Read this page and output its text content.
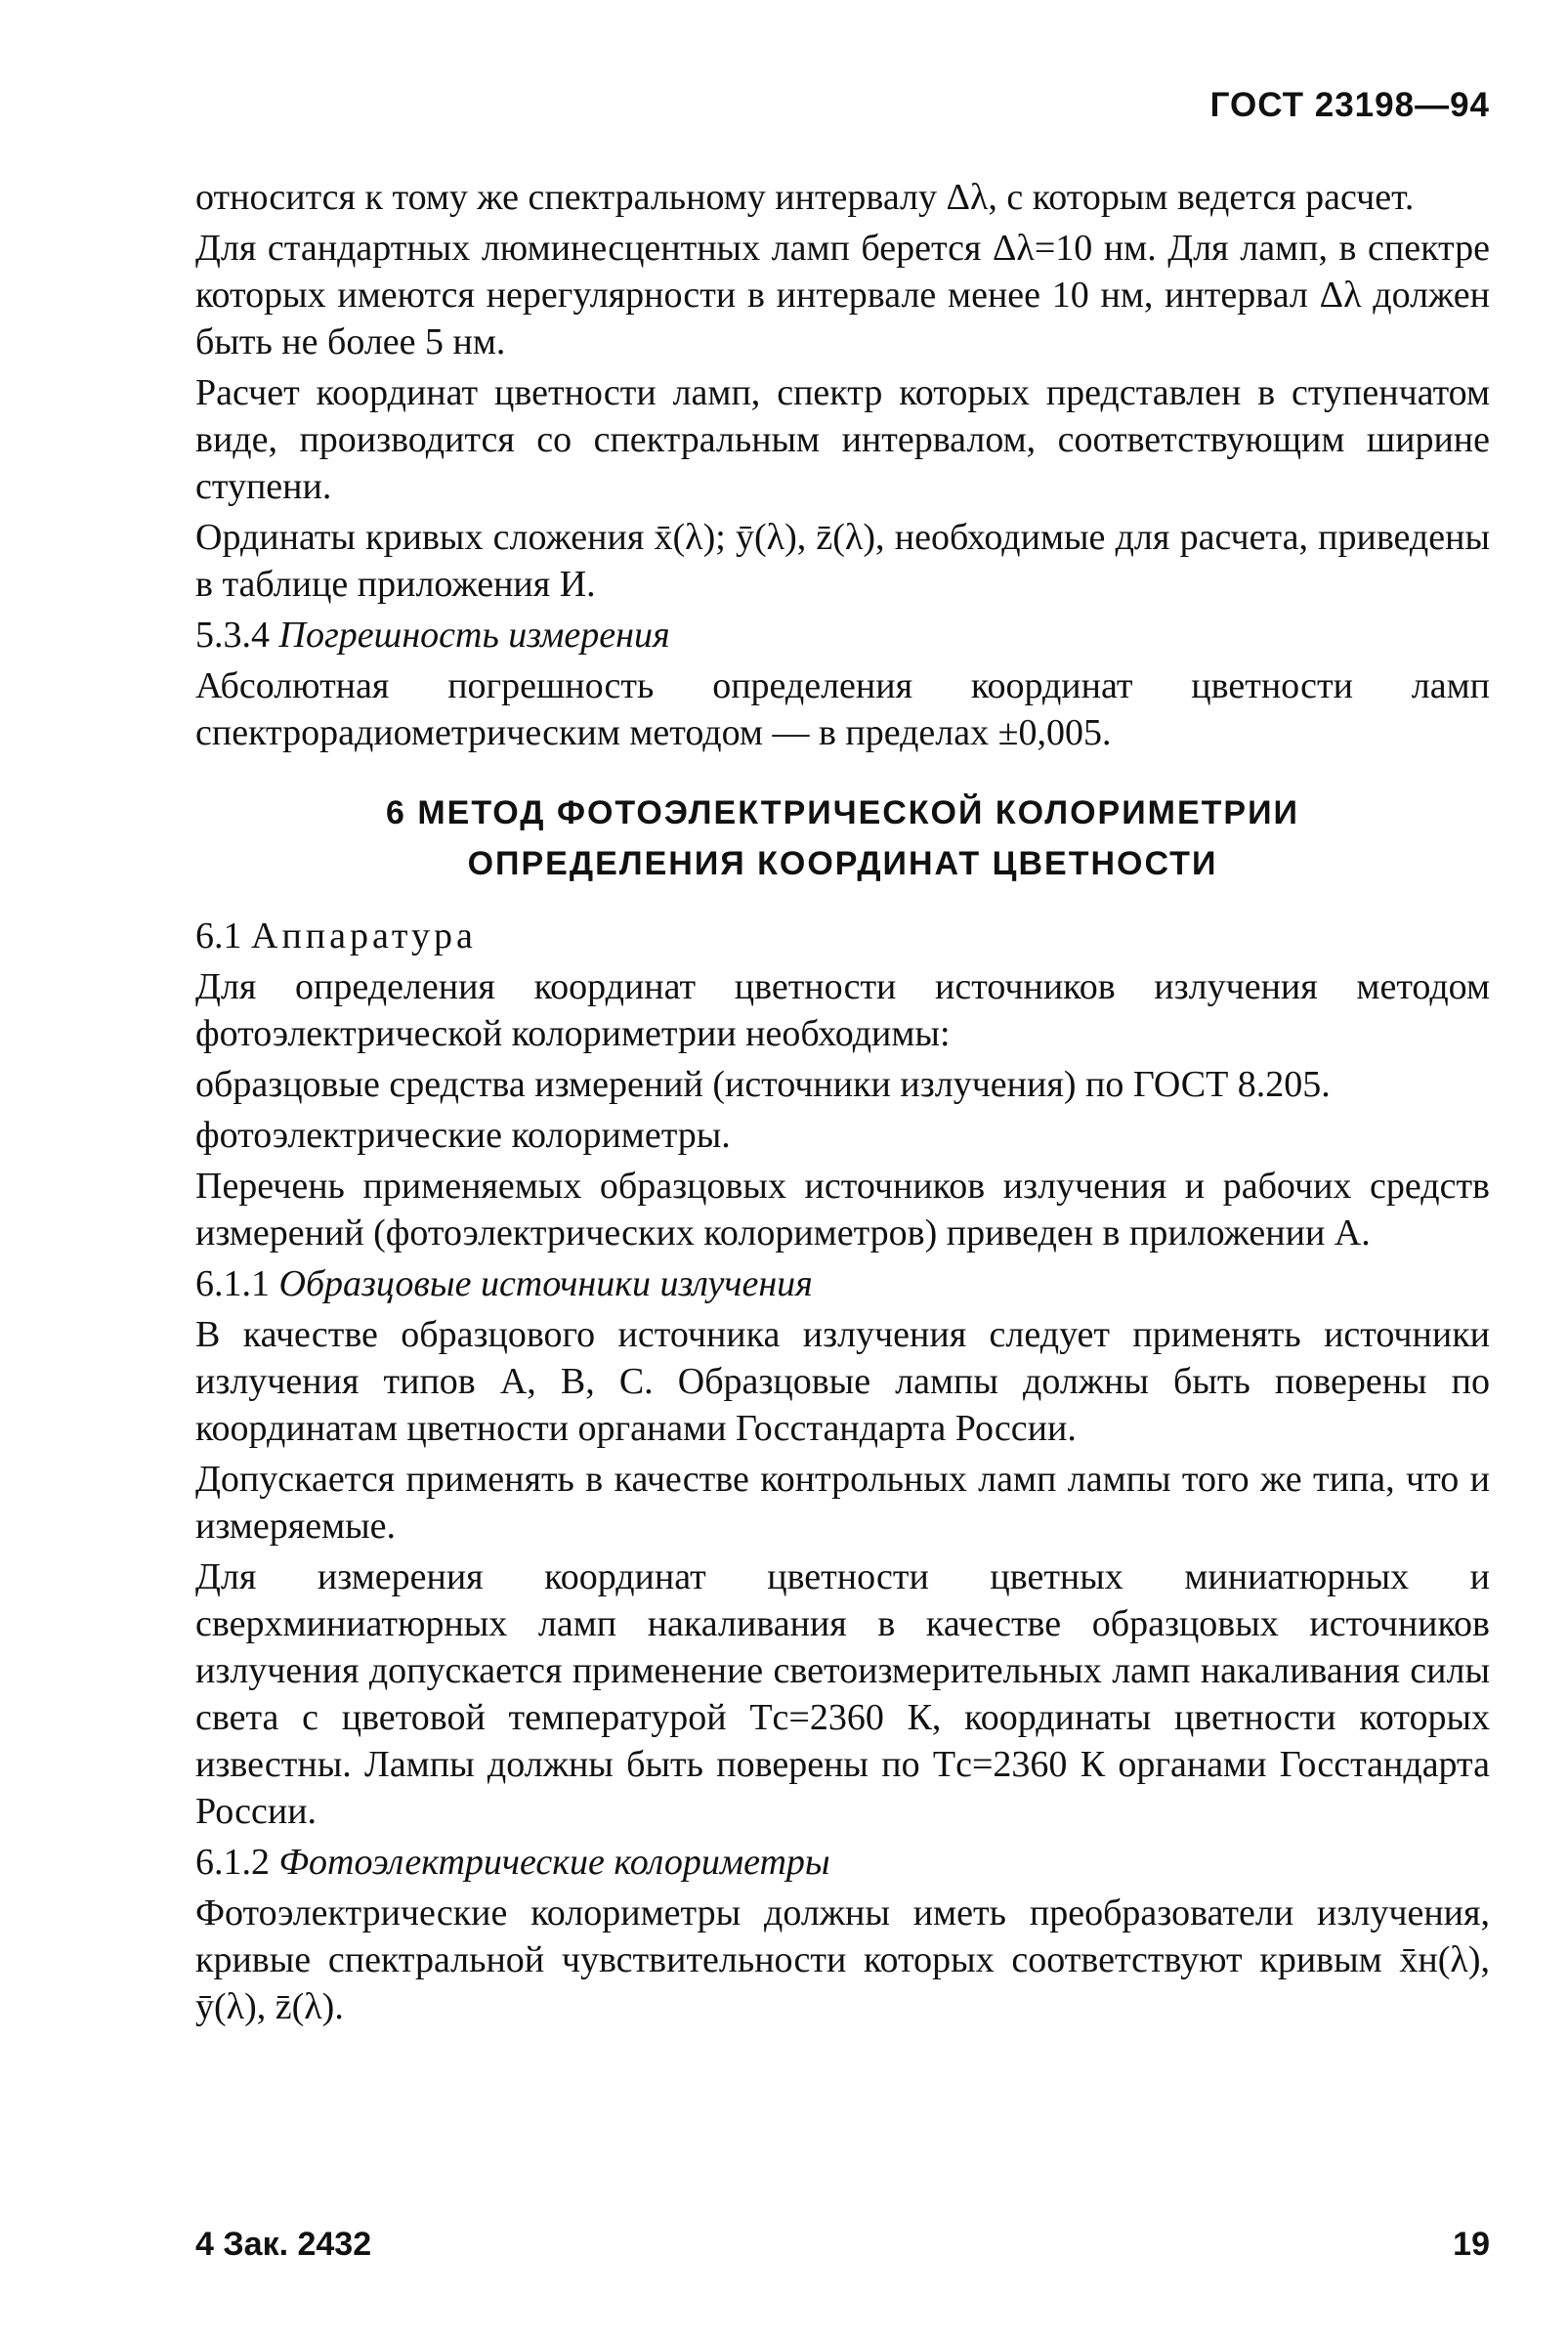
ГОСТ 23198—94

относится к тому же спектральному интервалу Δλ, с которым ведется расчет.

Для стандартных люминесцентных ламп берется Δλ=10 нм. Для ламп, в спектре которых имеются нерегулярности в интервале менее 10 нм, интервал Δλ должен быть не более 5 нм.

Расчет координат цветности ламп, спектр которых представлен в ступенчатом виде, производится со спектральным интервалом, соответствующим ширине ступени.

Ординаты кривых сложения x̄(λ); ȳ(λ), z̄(λ), необходимые для расчета, приведены в таблице приложения И.

5.3.4 Погрешность измерения

Абсолютная погрешность определения координат цветности ламп спектрорадиометрическим методом — в пределах ±0,005.

6 МЕТОД ФОТОЭЛЕКТРИЧЕСКОЙ КОЛОРИМЕТРИИ
ОПРЕДЕЛЕНИЯ КООРДИНАТ ЦВЕТНОСТИ

6.1 Аппаратура

Для определения координат цветности источников излучения методом фотоэлектрической колориметрии необходимы:

образцовые средства измерений (источники излучения) по ГОСТ 8.205.

фотоэлектрические колориметры.

Перечень применяемых образцовых источников излучения и рабочих средств измерений (фотоэлектрических колориметров) приведен в приложении А.

6.1.1 Образцовые источники излучения

В качестве образцового источника излучения следует применять источники излучения типов А, В, С. Образцовые лампы должны быть поверены по координатам цветности органами Госстандарта России.

Допускается применять в качестве контрольных ламп лампы того же типа, что и измеряемые.

Для измерения координат цветности цветных миниатюрных и сверхминиатюрных ламп накаливания в качестве образцовых источников излучения допускается применение светоизмерительных ламп накаливания силы света с цветовой температурой Tс=2360 К, координаты цветности которых известны. Лампы должны быть поверены по Tс=2360 К органами Госстандарта России.

6.1.2 Фотоэлектрические колориметры

Фотоэлектрические колориметры должны иметь преобразователи излучения, кривые спектральной чувствительности которых соответствуют кривым x̄н(λ), ȳ(λ), z̄(λ).

4 Зак. 2432	19
